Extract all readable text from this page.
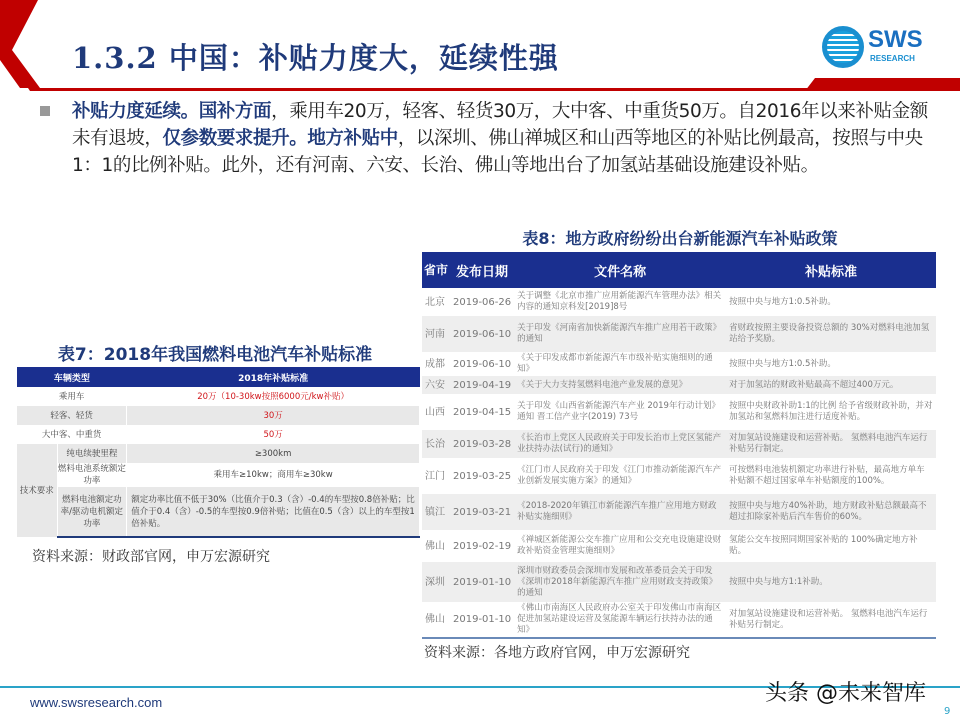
1.3.2 中国：补贴力度大，延续性强
SWS
RESEARCH
补贴力度延续。国补方面，乘用车20万，轻客、轻货30万，大中客、中重货50万。自2016年以来补贴金额未有退坡，仅参数要求提升。地方补贴中，以深圳、佛山禅城区和山西等地区的补贴比例最高，按照与中央1：1的比例补贴。此外，还有河南、六安、长治、佛山等地出台了加氢站基础设施建设补贴。
表8：地方政府纷纷出台新能源汽车补贴政策
省市	发布日期	文件名称	补贴标准
北京	2019-06-26	关于调整《北京市推广应用新能源汽车管理办法》相关内容的通知京科发[2019]8号	按照中央与地方1:0.5补助。
河南	2019-06-10	关于印发《河南省加快新能源汽车推广应用若干政策》的通知	省财政按照主要设备投资总额的 30%对燃料电池加氢站给予奖励。
成都	2019-06-10	《关于印发成都市新能源汽车市级补贴实施细则的通知》	按照中央与地方1:0.5补助。
六安	2019-04-19	《关于大力支持氢燃料电池产业发展的意见》	对于加氢站的财政补贴最高不超过400万元。
山西	2019-04-15	关于印发《山西省新能源汽车产业 2019年行动计划》通知 晋工信产业字(2019) 73号	按照中央财政补助1:1的比例 给予省级财政补助，并对加氢站和氢燃料加注进行适度补贴。
长治	2019-03-28	《长治市上党区人民政府关于印发长治市上党区氢能产业扶持办法(试行)的通知》	对加氢站设施建设和运营补贴。 氢燃料电池汽车运行补贴另行制定。
江门	2019-03-25	《江门市人民政府关于印发《江门市推动新能源汽车产业创新发展实施方案》的通知》	可按燃料电池装机额定功率进行补贴，最高地方单车补贴额不超过国家单车补贴额度的100%。
镇江	2019-03-21	《2018-2020年镇江市新能源汽车推广应用地方财政补贴实施细则》	按照中央与地方40%补助，地方财政补贴总额最高不超过扣除家补贴后汽车售价的60%。
佛山	2019-02-19	《禅城区新能源公交车推广应用和公交充电设施建设财政补贴资金管理实施细则》	氢能公交车按照同期国家补贴的 100%确定地方补贴。
深圳	2019-01-10	深圳市财政委员会深圳市发展和改革委员会关于印发《深圳市2018年新能源汽车推广应用财政支持政策》的通知	按照中央与地方1:1补助。
佛山	2019-01-10	《佛山市南海区人民政府办公室关于印发佛山市南海区促进加氢站建设运营及氢能源车辆运行扶持办法的通知》	对加氢站设施建设和运营补贴。 氢燃料电池汽车运行补贴另行制定。
资料来源：各地方政府官网，申万宏源研究
表7：2018年我国燃料电池汽车补贴标准
车辆类型		2018年补贴标准
乘用车		20万（10-30kw按照6000元/kw补贴）
轻客、轻货		30万
大中客、中重货		50万
技术要求	纯电续驶里程	≥300km
	燃料电池系统额定功率	乘用车≥10kw；商用车≥30kw
	燃料电池额定功率/驱动电机额定功率	额定功率比值不低于30%（比值介于0.3（含）-0.4的车型按0.8倍补贴；比值介于0.4（含）-0.5的车型按0.9倍补贴；比值在0.5（含）以上的车型按1倍补贴。
资料来源：财政部官网，申万宏源研究
www.swsresearch.com
9
头条 @未来智库
